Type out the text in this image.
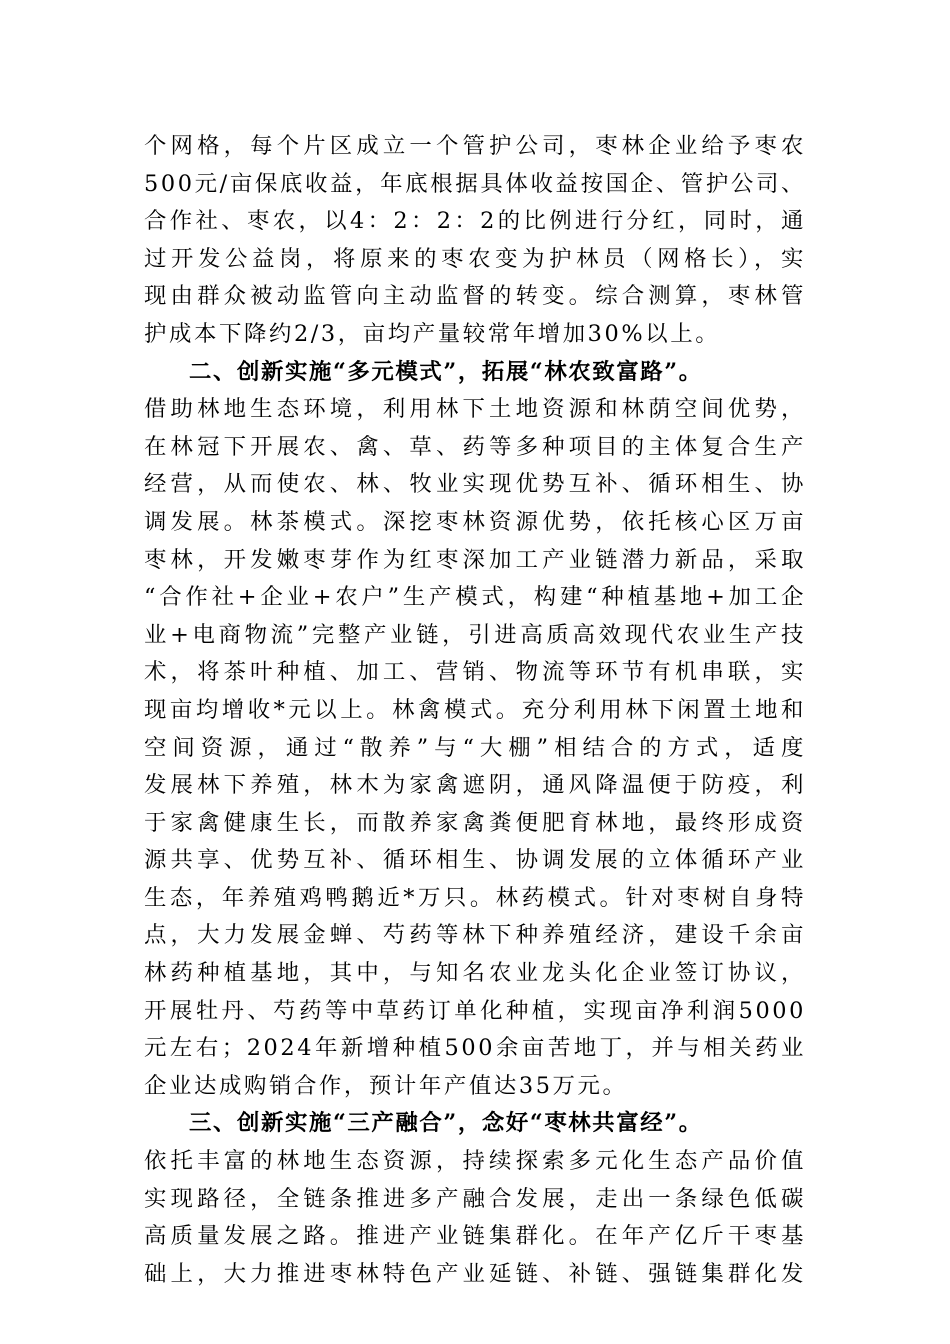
个网格，每个片区成立一个管护公司，枣林企业给予枣农
500元/亩保底收益，年底根据具体收益按国企、管护公司、
合作社、枣农，以4：2：2：2的比例进行分红，同时，通
过开发公益岗，将原来的枣农变为护林员（网格长），实
现由群众被动监管向主动监督的转变。综合测算，枣林管
护成本下降约2/3，亩均产量较常年增加30%以上。
二、创新实施“多元模式”，拓展“林农致富路”。
借助林地生态环境，利用林下土地资源和林荫空间优势，
在林冠下开展农、禽、草、药等多种项目的主体复合生产
经营，从而使农、林、牧业实现优势互补、循环相生、协
调发展。林茶模式。深挖枣林资源优势，依托核心区万亩
枣林，开发嫩枣芽作为红枣深加工产业链潜力新品，采取
“合作社+企业+农户”生产模式，构建“种植基地+加工企
业+电商物流”完整产业链，引进高质高效现代农业生产技
术，将茶叶种植、加工、营销、物流等环节有机串联，实
现亩均增收*元以上。林禽模式。充分利用林下闲置土地和
空间资源，通过“散养”与“大棚”相结合的方式，适度
发展林下养殖，林木为家禽遮阴，通风降温便于防疫，利
于家禽健康生长，而散养家禽粪便肥育林地，最终形成资
源共享、优势互补、循环相生、协调发展的立体循环产业
生态，年养殖鸡鸭鹅近*万只。林药模式。针对枣树自身特
点，大力发展金蝉、芍药等林下种养殖经济，建设千余亩
林药种植基地，其中，与知名农业龙头化企业签订协议，
开展牡丹、芍药等中草药订单化种植，实现亩净利润5000
元左右；2024年新增种植500余亩苦地丁，并与相关药业
企业达成购销合作，预计年产值达35万元。
三、创新实施“三产融合”，念好“枣林共富经”。
依托丰富的林地生态资源，持续探索多元化生态产品价值
实现路径，全链条推进多产融合发展，走出一条绿色低碳
高质量发展之路。推进产业链集群化。在年产亿斤干枣基
础上，大力推进枣林特色产业延链、补链、强链集群化发
